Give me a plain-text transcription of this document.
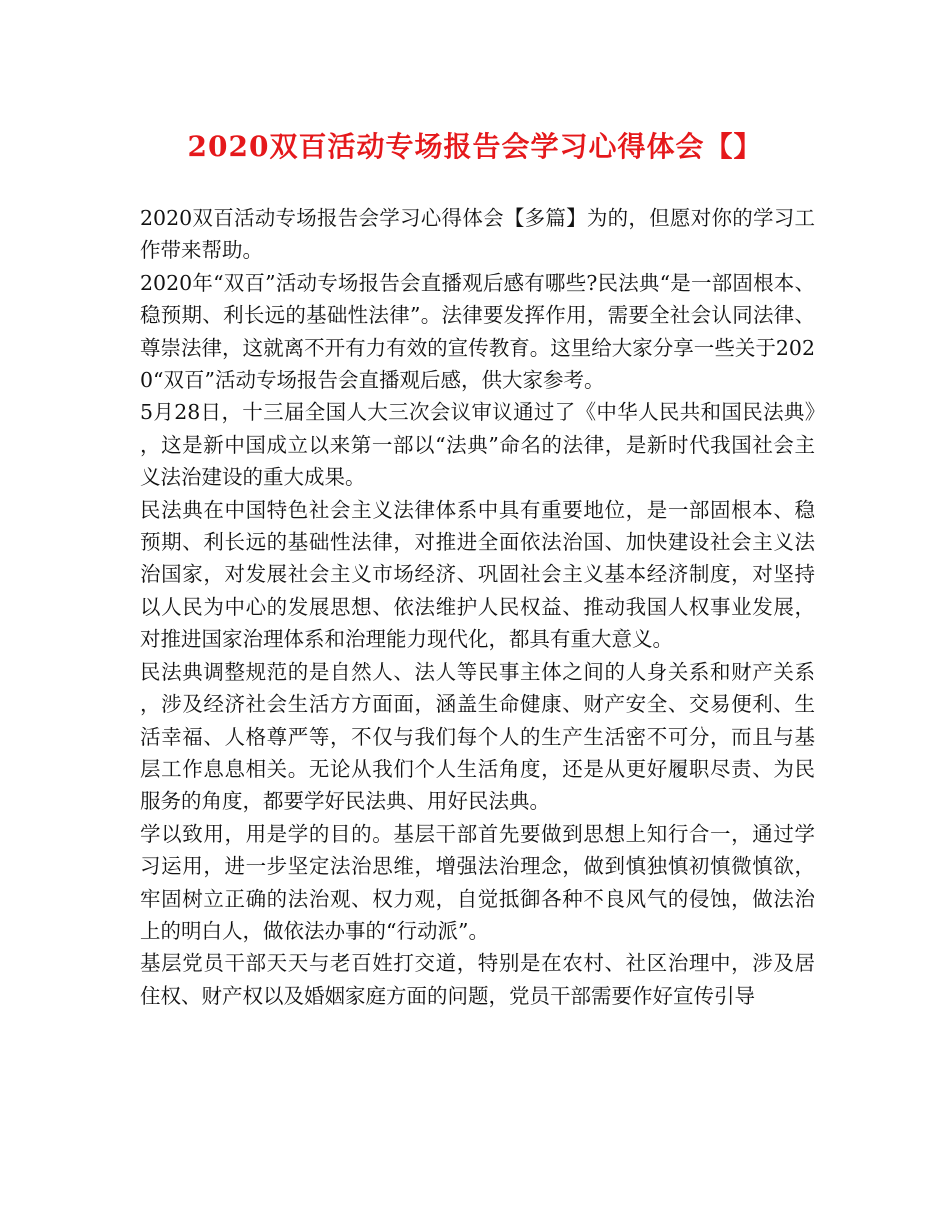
2020双百活动专场报告会学习心得体会【】

2020双百活动专场报告会学习心得体会【多篇】为的，但愿对你的学习工作带来帮助。

2020年“双百”活动专场报告会直播观后感有哪些?民法典“是一部固根本、稳预期、利长远的基础性法律”。法律要发挥作用，需要全社会认同法律、尊崇法律，这就离不开有力有效的宣传教育。这里给大家分享一些关于2020“双百”活动专场报告会直播观后感，供大家参考。

5月28日，十三届全国人大三次会议审议通过了《中华人民共和国民法典》，这是新中国成立以来第一部以“法典”命名的法律，是新时代我国社会主义法治建设的重大成果。

民法典在中国特色社会主义法律体系中具有重要地位，是一部固根本、稳预期、利长远的基础性法律，对推进全面依法治国、加快建设社会主义法治国家，对发展社会主义市场经济、巩固社会主义基本经济制度，对坚持以人民为中心的发展思想、依法维护人民权益、推动我国人权事业发展，对推进国家治理体系和治理能力现代化，都具有重大意义。

民法典调整规范的是自然人、法人等民事主体之间的人身关系和财产关系，涉及经济社会生活方方面面，涵盖生命健康、财产安全、交易便利、生活幸福、人格尊严等，不仅与我们每个人的生产生活密不可分，而且与基层工作息息相关。无论从我们个人生活角度，还是从更好履职尽责、为民服务的角度，都要学好民法典、用好民法典。

学以致用，用是学的目的。基层干部首先要做到思想上知行合一，通过学习运用，进一步坚定法治思维，增强法治理念，做到慎独慎初慎微慎欲，牢固树立正确的法治观、权力观，自觉抵御各种不良风气的侵蚀，做法治上的明白人，做依法办事的“行动派”。

基层党员干部天天与老百姓打交道，特别是在农村、社区治理中，涉及居住权、财产权以及婚姻家庭方面的问题，党员干部需要作好宣传引导
